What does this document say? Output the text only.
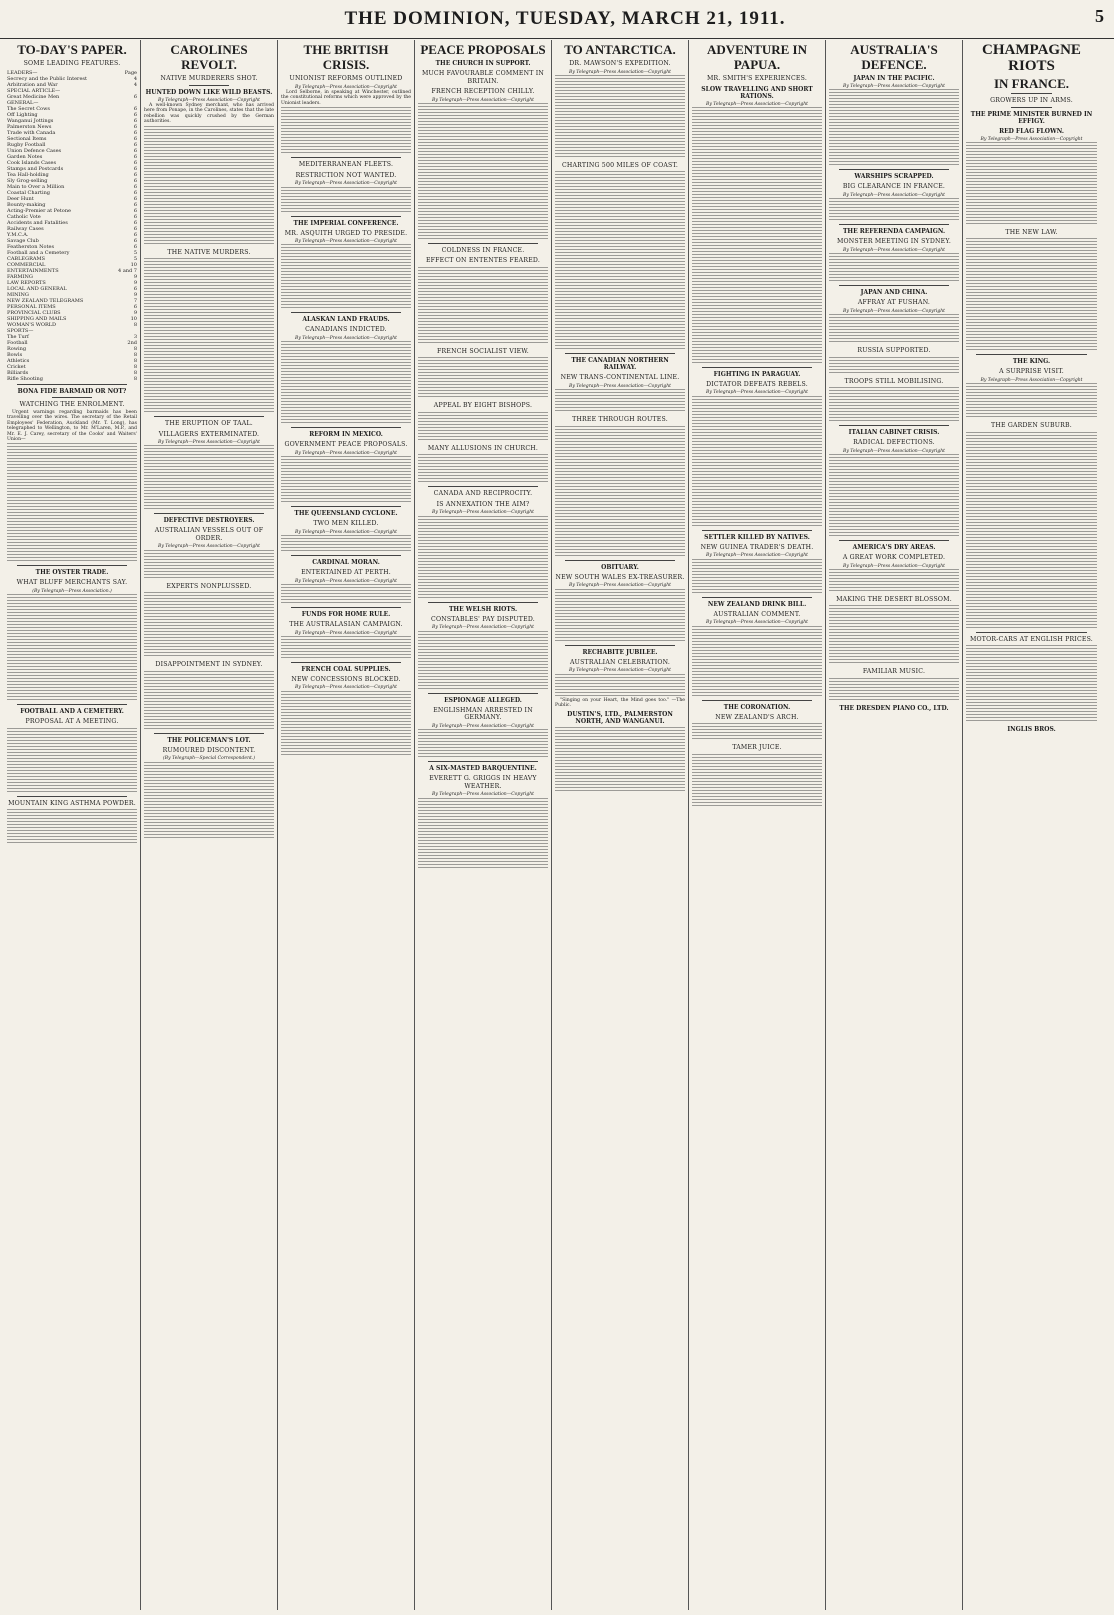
THE DOMINION, TUESDAY, MARCH 21, 1911.	5
TO-DAY'S PAPER.
SOME LEADING FEATURES.
LEADERS—	Page
Secrecy and the Public Interest	4
Arbitration and War	4
SPECIAL ARTICLE—
Great Medicine Men	6
GENERAL—
The Secret Cows	6
Off Lighting	6
Wanganui Jottings	6
Palmerston News	6
Trade with Canada	6
Sectional Items	6
Rugby Football	6
Union Defence Cases	6
Garden Notes	6
Cook Islands Cases	6
Stamps and Postcards	6
Tea Hall-holding	6
Sly Grog-selling	6
Main to Over a Million	6
Coastal Charting	6
Deer Hunt	6
Bounty-making	6
Acting-Premier at Petone	6
Catholic Vote	6
Accidents and Fatalities	6
Railway Cases	6
Y.M.C.A.	6
Savage Club	6
Featherston Notes	6
Football and a Cemetery	5
CABLEGRAMS	5
COMMERCIAL	10
ENTERTAINMENTS	4 and 7
FARMING	9
LAW REPORTS	9
LOCAL AND GENERAL	6
MINING	9
NEW ZEALAND TELEGRAMS	7
PERSONAL ITEMS	6
PROVINCIAL CLUBS	9
SHIPPING AND MAILS	10
WOMAN'S WORLD	8
SPORTS—
The Turf	3
Football	2nd
Rowing	8
Bowls	8
Athletics	8
Cricket	8
Billiards	8
Rifle Shooting	8
BONA FIDE BARMAID OR NOT?
WATCHING THE ENROLMENT.
Urgent warnings regarding barmaids has been travelling over the wires. The secretary of the Retail Employees' Federation, Auckland (Mr. T. Long), has telegraphed to Wellington, to Mr. M'Laren, M.P., and Mr. E. J. Carey, secretary of the Cooks' and Waiters' Union—
THE OYSTER TRADE.
WHAT BLUFF MERCHANTS SAY.
(By Telegraph—Press Association.)
FOOTBALL AND A CEMETERY.
PROPOSAL AT A MEETING.
MOUNTAIN KING ASTHMA POWDER.
CAROLINES REVOLT.
NATIVE MURDERERS SHOT.
HUNTED DOWN LIKE WILD BEASTS.
By Telegraph—Press Association—Copyright
A well-known Sydney merchant, who has arrived here from Ponape, in the Carolines, states that the late rebellion was quickly crushed by the German authorities.
THE NATIVE MURDERS.
THE ERUPTION OF TAAL.
VILLAGERS EXTERMINATED.
By Telegraph—Press Association—Copyright
DEFECTIVE DESTROYERS.
AUSTRALIAN VESSELS OUT OF ORDER.
By Telegraph—Press Association—Copyright
EXPERTS NONPLUSSED.
DISAPPOINTMENT IN SYDNEY.
THE POLICEMAN'S LOT.
RUMOURED DISCONTENT.
(By Telegraph—Special Correspondent.)
THE BRITISH CRISIS.
UNIONIST REFORMS OUTLINED
By Telegraph—Press Association—Copyright
Lord Selborne, in speaking at Winchester, outlined the constitutional reforms which were approved by the Unionist leaders.
MEDITERRANEAN FLEETS.
RESTRICTION NOT WANTED.
By Telegraph—Press Association—Copyright
THE IMPERIAL CONFERENCE.
MR. ASQUITH URGED TO PRESIDE.
By Telegraph—Press Association—Copyright
ALASKAN LAND FRAUDS.
CANADIANS INDICTED.
By Telegraph—Press Association—Copyright
REFORM IN MEXICO.
GOVERNMENT PEACE PROPOSALS.
By Telegraph—Press Association—Copyright
THE QUEENSLAND CYCLONE.
TWO MEN KILLED.
By Telegraph—Press Association—Copyright
CARDINAL MORAN.
ENTERTAINED AT PERTH.
By Telegraph—Press Association—Copyright
FUNDS FOR HOME RULE.
THE AUSTRALASIAN CAMPAIGN.
By Telegraph—Press Association—Copyright
FRENCH COAL SUPPLIES.
NEW CONCESSIONS BLOCKED.
By Telegraph—Press Association—Copyright
PEACE PROPOSALS
THE CHURCH IN SUPPORT.
MUCH FAVOURABLE COMMENT IN BRITAIN.
FRENCH RECEPTION CHILLY.
By Telegraph—Press Association—Copyright
COLDNESS IN FRANCE.
EFFECT ON ENTENTES FEARED.
FRENCH SOCIALIST VIEW.
APPEAL BY EIGHT BISHOPS.
MANY ALLUSIONS IN CHURCH.
CANADA AND RECIPROCITY.
IS ANNEXATION THE AIM?
By Telegraph—Press Association—Copyright
THE WELSH RIOTS.
CONSTABLES' PAY DISPUTED.
By Telegraph—Press Association—Copyright
ESPIONAGE ALLEGED.
ENGLISHMAN ARRESTED IN GERMANY.
By Telegraph—Press Association—Copyright
A SIX-MASTED BARQUENTINE.
EVERETT G. GRIGGS IN HEAVY WEATHER.
By Telegraph—Press Association—Copyright
TO ANTARCTICA.
DR. MAWSON'S EXPEDITION.
By Telegraph—Press Association—Copyright
CHARTING 500 MILES OF COAST.
THE CANADIAN NORTHERN RAILWAY.
NEW TRANS-CONTINENTAL LINE.
By Telegraph—Press Association—Copyright
THREE THROUGH ROUTES.
OBITUARY.
NEW SOUTH WALES EX-TREASURER.
By Telegraph—Press Association—Copyright
RECHABITE JUBILEE.
AUSTRALIAN CELEBRATION.
By Telegraph—Press Association—Copyright
"Singing on your Heart, the Mind goes too." —The Public.
DUSTIN'S, LTD., PALMERSTON NORTH, AND WANGANUI.
ADVENTURE IN PAPUA.
MR. SMITH'S EXPERIENCES.
SLOW TRAVELLING AND SHORT RATIONS.
By Telegraph—Press Association—Copyright
FIGHTING IN PARAGUAY.
DICTATOR DEFEATS REBELS.
By Telegraph—Press Association—Copyright
SETTLER KILLED BY NATIVES.
NEW GUINEA TRADER'S DEATH.
By Telegraph—Press Association—Copyright
NEW ZEALAND DRINK BILL.
AUSTRALIAN COMMENT.
By Telegraph—Press Association—Copyright
THE CORONATION.
NEW ZEALAND'S ARCH.
TAMER JUICE.
AUSTRALIA'S DEFENCE.
JAPAN IN THE PACIFIC.
By Telegraph—Press Association—Copyright
WARSHIPS SCRAPPED.
BIG CLEARANCE IN FRANCE.
By Telegraph—Press Association—Copyright
THE REFERENDA CAMPAIGN.
MONSTER MEETING IN SYDNEY.
By Telegraph—Press Association—Copyright
JAPAN AND CHINA.
AFFRAY AT FUSHAN.
By Telegraph—Press Association—Copyright
RUSSIA SUPPORTED.
TROOPS STILL MOBILISING.
ITALIAN CABINET CRISIS.
RADICAL DEFECTIONS.
By Telegraph—Press Association—Copyright
AMERICA'S DRY AREAS.
A GREAT WORK COMPLETED.
By Telegraph—Press Association—Copyright
MAKING THE DESERT BLOSSOM.
FAMILIAR MUSIC.
THE DRESDEN PIANO CO., LTD.
CHAMPAGNE RIOTS
IN FRANCE.
GROWERS UP IN ARMS.
THE PRIME MINISTER BURNED IN EFFIGY.
RED FLAG FLOWN.
By Telegraph—Press Association—Copyright
THE NEW LAW.
THE KING.
A SURPRISE VISIT.
By Telegraph—Press Association—Copyright
THE GARDEN SUBURB.
MOTOR-CARS AT ENGLISH PRICES.
INGLIS BROS.
